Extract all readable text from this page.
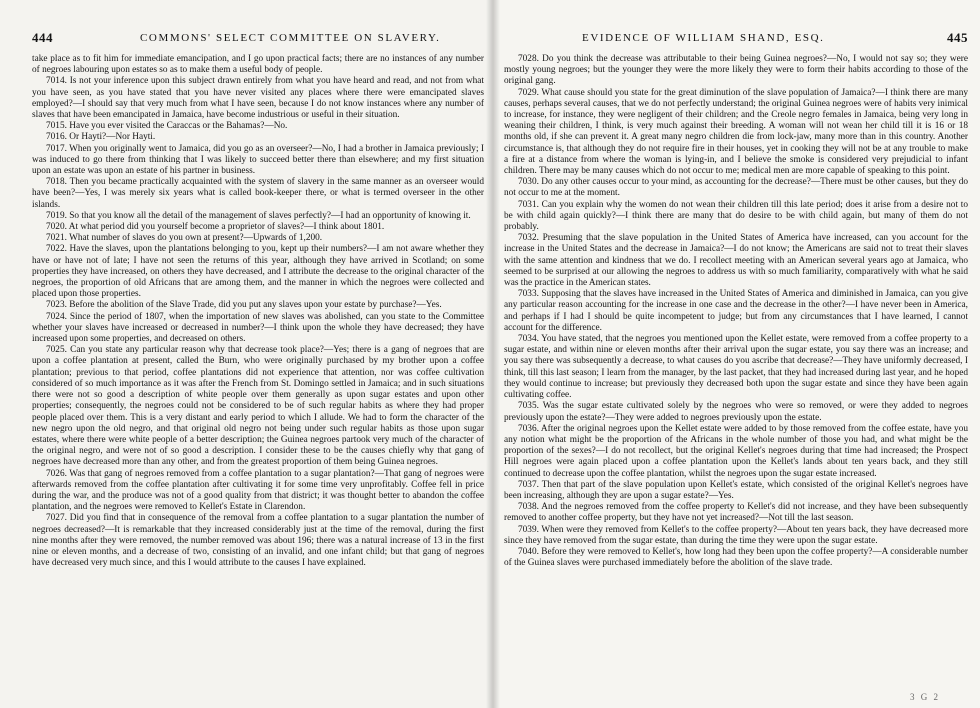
444	COMMONS' SELECT COMMITTEE ON SLAVERY.

take place as to fit him for immediate emancipation, and I go upon practical facts; there are no instances of any number of negroes labouring upon estates so as to make them a useful body of people.

7014. Is not your inference upon this subject drawn entirely from what you have heard and read, and not from what you have seen, as you have stated that you have never visited any places where there were emancipated slaves employed?—I should say that very much from what I have seen, because I do not know instances where any number of slaves that have been emancipated in Jamaica, have become industrious or useful in their situation.

7015. Have you ever visited the Caraccas or the Bahamas?—No.

7016. Or Hayti?—Nor Hayti.

7017. When you originally went to Jamaica, did you go as an overseer?—No, I had a brother in Jamaica previously; I was induced to go there from thinking that I was likely to succeed better there than elsewhere; and my first situation upon an estate was upon an estate of his partner in business.

7018. Then you became practically acquainted with the system of slavery in the same manner as an overseer would have been?—Yes, I was merely six years what is called book-keeper there, or what is termed overseer in the other islands.

7019. So that you know all the detail of the management of slaves perfectly?—I had an opportunity of knowing it.

7020. At what period did you yourself become a proprietor of slaves?—I think about 1801.

7021. What number of slaves do you own at present?—Upwards of 1,200.

7022. Have the slaves, upon the plantations belonging to you, kept up their numbers?—I am not aware whether they have or have not of late; I have not seen the returns of this year, although they have arrived in Scotland; on some properties they have increased, on others they have decreased, and I attribute the decrease to the original character of the negroes, the proportion of old Africans that are among them, and the manner in which the negroes were collected and placed upon those properties.

7023. Before the abolition of the Slave Trade, did you put any slaves upon your estate by purchase?—Yes.

7024. Since the period of 1807, when the importation of new slaves was abolished, can you state to the Committee whether your slaves have increased or decreased in number?—I think upon the whole they have decreased; they have increased upon some properties, and decreased on others.

7025. Can you state any particular reason why that decrease took place?—Yes; there is a gang of negroes that are upon a coffee plantation at present, called the Burn, who were originally purchased by my brother upon a coffee plantation; previous to that period, coffee plantations did not experience that attention, nor was coffee cultivation considered of so much importance as it was after the French from St. Domingo settled in Jamaica; and in such situations there were not so good a description of white people over them generally as upon sugar estates and upon other properties; consequently, the negroes could not be considered to be of such regular habits as where they had proper people placed over them. This is a very distant and early period to which I allude. We had to form the character of the new negro upon the old negro, and that original old negro not being under such regular habits as those upon sugar estates, where there were white people of a better description; the Guinea negroes partook very much of the character of the original negro, and were not of so good a description. I consider these to be the causes chiefly why that gang of negroes have decreased more than any other, and from the greatest proportion of them being Guinea negroes.

7026. Was that gang of negroes removed from a coffee plantation to a sugar plantation?—That gang of negroes were afterwards removed from the coffee plantation after cultivating it for some time very unprofitably. Coffee fell in price during the war, and the produce was not of a good quality from that district; it was thought better to abandon the coffee plantation, and the negroes were removed to Kellet's Estate in Clarendon.

7027. Did you find that in consequence of the removal from a coffee plantation to a sugar plantation the number of negroes decreased?—It is remarkable that they increased considerably just at the time of the removal, during the first nine months after they were removed, the number removed was about 196; there was a natural increase of 13 in the first nine or eleven months, and a decrease of two, consisting of an invalid, and one infant child; but that gang of negroes have decreased very much since, and this I would attribute to the causes I have explained.

EVIDENCE OF WILLIAM SHAND, ESQ.	445

7028. Do you think the decrease was attributable to their being Guinea negroes?—No, I would not say so; they were mostly young negroes; but the younger they were the more likely they were to form their habits according to those of the original gang.

7029. What cause should you state for the great diminution of the slave population of Jamaica?—I think there are many causes, perhaps several causes, that we do not perfectly understand; the original Guinea negroes were of habits very inimical to increase, for instance, they were negligent of their children; and the Creole negro females in Jamaica, being very long in weaning their children, I think, is very much against their breeding. A woman will not wean her child till it is 16 or 18 months old, if she can prevent it. A great many negro children die from lock-jaw, many more than in this country. Another circumstance is, that although they do not require fire in their houses, yet in cooking they will not be at any trouble to make a fire at a distance from where the woman is lying-in, and I believe the smoke is considered very prejudicial to infant children. There may be many causes which do not occur to me; medical men are more capable of speaking to this point.

7030. Do any other causes occur to your mind, as accounting for the decrease?—There must be other causes, but they do not occur to me at the moment.

7031. Can you explain why the women do not wean their children till this late period; does it arise from a desire not to be with child again quickly?—I think there are many that do desire to be with child again, but many of them do not probably.

7032. Presuming that the slave population in the United States of America have increased, can you account for the increase in the United States and the decrease in Jamaica?—I do not know; the Americans are said not to treat their slaves with the same attention and kindness that we do. I recollect meeting with an American several years ago at Jamaica, who seemed to be surprised at our allowing the negroes to address us with so much familiarity, comparatively with what he said was the practice in the American states.

7033. Supposing that the slaves have increased in the United States of America and diminished in Jamaica, can you give any particular reason accounting for the increase in one case and the decrease in the other?—I have never been in America, and perhaps if I had I should be quite incompetent to judge; but from any circumstances that I have learned, I cannot account for the difference.

7034. You have stated, that the negroes you mentioned upon the Kellet estate, were removed from a coffee property to a sugar estate, and within nine or eleven months after their arrival upon the sugar estate, you say there was an increase; and you say there was subsequently a decrease, to what causes do you ascribe that decrease?—They have uniformly decreased, I think, till this last season; I learn from the manager, by the last packet, that they had increased during last year, and he hoped they would continue to increase; but previously they decreased both upon the sugar estate and since they have been again cultivating coffee.

7035. Was the sugar estate cultivated solely by the negroes who were so removed, or were they added to negroes previously upon the estate?—They were added to negroes previously upon the estate.

7036. After the original negroes upon the Kellet estate were added to by those removed from the coffee estate, have you any notion what might be the proportion of the Africans in the whole number of those you had, and what might be the proportion of the sexes?—I do not recollect, but the original Kellet's negroes during that time had increased; the Prospect Hill negroes were again placed upon a coffee plantation upon the Kellet's lands about ten years back, and they still continued to decrease upon the coffee plantation, whilst the negroes upon the sugar estate increased.

7037. Then that part of the slave population upon Kellet's estate, which consisted of the original Kellet's negroes have been increasing, although they are upon a sugar estate?—Yes.

7038. And the negroes removed from the coffee property to Kellet's did not increase, and they have been subsequently removed to another coffee property, but they have not yet increased?—Not till the last season.

7039. When were they removed from Kellet's to the coffee property?—About ten years back, they have decreased more since they have removed from the sugar estate, than during the time they were upon the sugar estate.

7040. Before they were removed to Kellet's, how long had they been upon the coffee property?—A considerable number of the Guinea slaves were purchased immediately before the abolition of the slave trade.

3 G 2
